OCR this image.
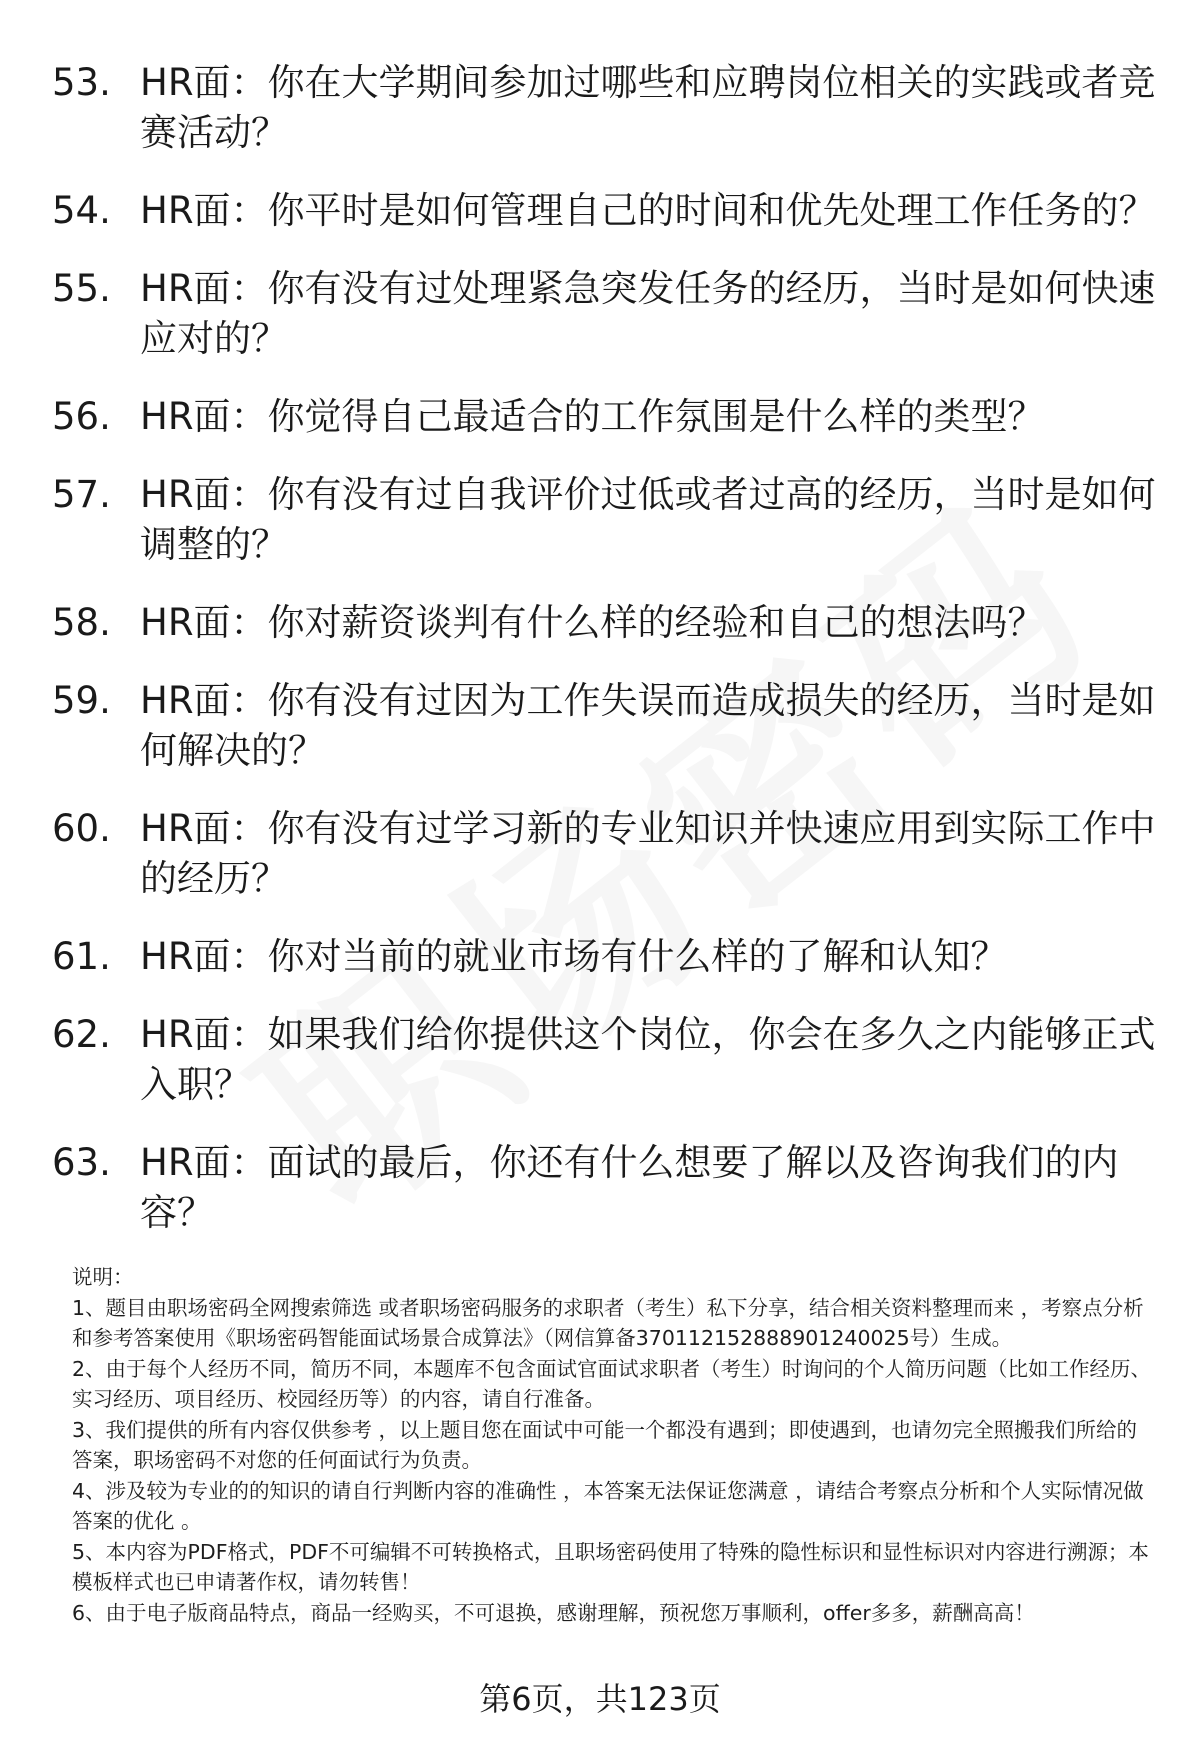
53. HR面：你在大学期间参加过哪些和应聘岗位相关的实践或者竞赛活动？
54. HR面：你平时是如何管理自己的时间和优先处理工作任务的？
55. HR面：你有没有过处理紧急突发任务的经历，当时是如何快速应对的？
56. HR面：你觉得自己最适合的工作氛围是什么样的类型？
57. HR面：你有没有过自我评价过低或者过高的经历，当时是如何调整的？
58. HR面：你对薪资谈判有什么样的经验和自己的想法吗？
59. HR面：你有没有过因为工作失误而造成损失的经历，当时是如何解决的？
60. HR面：你有没有过学习新的专业知识并快速应用到实际工作中的经历？
61. HR面：你对当前的就业市场有什么样的了解和认知？
62. HR面：如果我们给你提供这个岗位，你会在多久之内能够正式入职？
63. HR面：面试的最后，你还有什么想要了解以及咨询我们的内容？

说明：

1、题目由职场密码全网搜索筛选 或者职场密码服务的求职者（考生）私下分享，结合相关资料整理而来 ，考察点分析和参考答案使用《职场密码智能面试场景合成算法》（网信算备370112152888901240025号）生成。

2、由于每个人经历不同，简历不同，本题库不包含面试官面试求职者（考生）时询问的个人简历问题（比如工作经历、实习经历、项目经历、校园经历等）的内容，请自行准备。

3、我们提供的所有内容仅供参考 ，以上题目您在面试中可能一个都没有遇到；即使遇到，也请勿完全照搬我们所给的答案，职场密码不对您的任何面试行为负责。

4、涉及较为专业的的知识的请自行判断内容的准确性 ，本答案无法保证您满意 ，请结合考察点分析和个人实际情况做答案的优化 。

5、本内容为PDF格式，PDF不可编辑不可转换格式，且职场密码使用了特殊的隐性标识和显性标识对内容进行溯源；本模板样式也已申请著作权，请勿转售！

6、由于电子版商品特点，商品一经购买，不可退换，感谢理解，预祝您万事顺利，offer多多，薪酬高高！

第6页，共123页
